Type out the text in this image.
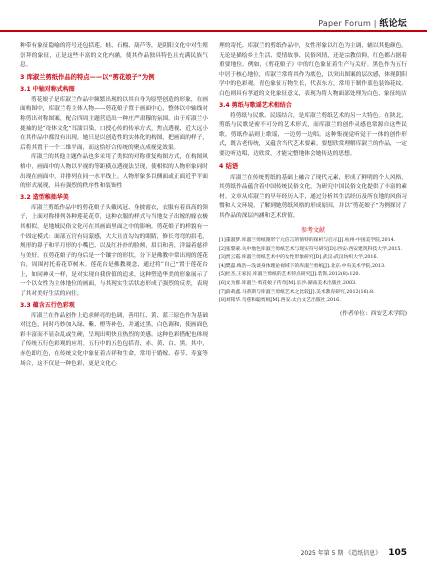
Paper Forum | 纸论坛

种带有象征隐喻的符号还包括莲、蛙、石榴、葫芦等，是阴阳文化中对生殖崇拜的象征，正是这些丰富的文化内涵，使其作品独具特色且充满民族气息。

3 库淑兰剪纸作品的特点——以“剪花娘子”为例
3.1 中轴对称式构图

剪花娘子是库淑兰作品中频繁出现的以其自身为原型创造的形象，在画面构图中，库淑兰将主体人物——剪花娘子置于画面中心，整体以中轴线对称剪出对称图案，配合四周主题营造出一种庄严肃穆的氛围。由于库淑兰小拢袖的是“母体文化”耳濡目染，口授心传的传承方式，焦点透视、近大远小在其作品中都没有出现。她只是以创造性的实体化的构图，把画面的样子，后将其置于一个二维平面，而这恰好合传统的聚点成视觉效果。

库淑兰的其他主题作品也多采用了类似的对称重复构图方式，在构图风格中，画面中的人物以平视的等距横点透视法呈现，使相似的人物形象同时出现在画面中，并排列在同一水平线上。人物形象多以侧面或正面近乎平面的形式展现，具有强烈的秩序性和装饰性

3.2 造型稚拙华美

库淑兰剪纸作品中的剪花娘子头戴凤冠、身披霞衣，衣服有着真高的领子，上面对称排列各种莲花花草，这种衣服的样式与当地女子出嫁的嫁衣极其相似，是地域民俗文化可在其画面里面之中的影响。剪花娘子的样貌有一个固定模式：面部五官有局蒙感，大大且直勾勾的眼睛，修长弯弯的眉毛，规形的鼻子和半月形的小嘴巴，以及红扑扑的脸颊，眉目和善，洋溢着慈祥与美好。在剪花娘子的身后是一个镶宇的形状，分下是佛教中常出现的莲花台，周围衬托着花草树木。莲花台是佛教观念，通过将“自己”置于莲花台上，如同神灵一样，是对实现自我价值的追求，这种塑造华美的形象展示了一个以女性为主体地位的画面，与其现实生活状态形成了强烈的反差，表现了其对美好生活的向往。

3.3 蕴含五行色彩观

库淑兰在作品创作上追求鲜亮的色调，善用红、黄、蓝三原色作为基础对比色，同时巧妙加入绿、紫、橙等补色，并通过黑、白色调和，使画面色彩丰富而不显杂乱或生硬，呈现出明快且热烈的美感。这种色彩搭配也体现了传统五行色彩观的应用。五行中的五色包括青、赤、黄、白、黑。其中，赤色即红色，在传统文化中象征着吉祥和生命，常用于婚嫁、春节、寿宴等场合，这不仅是一种色彩，更是文化心

理的寄托。库淑兰的剪纸作品中，女性形象以红色为主调，辅以其他颜色。无论是描绘乡土生活、爱情故事、民俗风情，还是宗教信仰，红色都占据着重要地位。例如，《剪花娘子》中的红色象征着生产与关好。黑色作为五行中居于核心地位，库淑兰常将其作为底色，以突出图案的层次感，体现阴阳学中的色彩观。青色象征万物生长，代表东方，常用于制作蓝色装饰花纹。白色则具有孝道的文化象征意义，表现为将人物面部处理为白色，象征纯洁

3.4 剪纸与歌谣艺术相结合

将剪纸与民歌、民谣结合，是库淑兰剪纸艺术的另一大特色。在陕北，剪纸与民歌是密不可分的艺术形式，而库淑兰的创作灵感也常源自这些民歌。剪纸作品则上歌谣，一边剪一边唱。这种集视觉听觉于一体的创作形式，既古老传统，又蕴含当代艺术要素。要想欣赏理解库淑兰的作品，一定要边听边唱，边欣赏，才能完整地体会她传达的思想。

4 结语

库淑兰在传统剪纸的基础上融合了现代元素，形成了鲜明的个人风格，其剪纸作品蕴含着中国传统民俗文化，为研究中国民俗文化提供了丰富的素材。文章从库淑兰的早年经历入手，通过分析其生活经历及所在地的风俗习惯和人文环境，了解到她剪纸风格的形成原因，并以“剪花娘子”为例探讨了其作品的深层内涵和艺术价值。

参考文献

[1]董淑梦.库淑兰剪纸图形宁元信言的情特的探析与启示[J].杭州·中国美学院,2014.

[2]张黎蒙.关中地色库淑兰剪纸艺术与现实符号研究[D].西安:西安建筑科技大学,2015.

[3]贾云霞.库淑兰剪纸艺术中的女性形象研究[D].武汉:武汉纺织大学,2016.

[4]樊磊.梅浩—浅谈身体理论视域下的库淑兰剪纸[J].北京:中央美术学院,2013.

[5]杜杰,王家民.库淑兰剪纸的艺术特点研究[J].装饰,2012(8):120.

[6]文为群.库淑兰·剪花娘子传奇[M].长沙:湖南美术出版社,2003.

[7]薛莉鑫.马蒂斯与库淑兰剪纸艺术之比较[J].美术教育研究,2012(16):8.

[8]刘铭华.乌慈和聪剪纸[M].西安:太白文艺出版社,2016.

(作者单位：西安艺术学院)
2025 年第 5 期 《造纸信息》 105
